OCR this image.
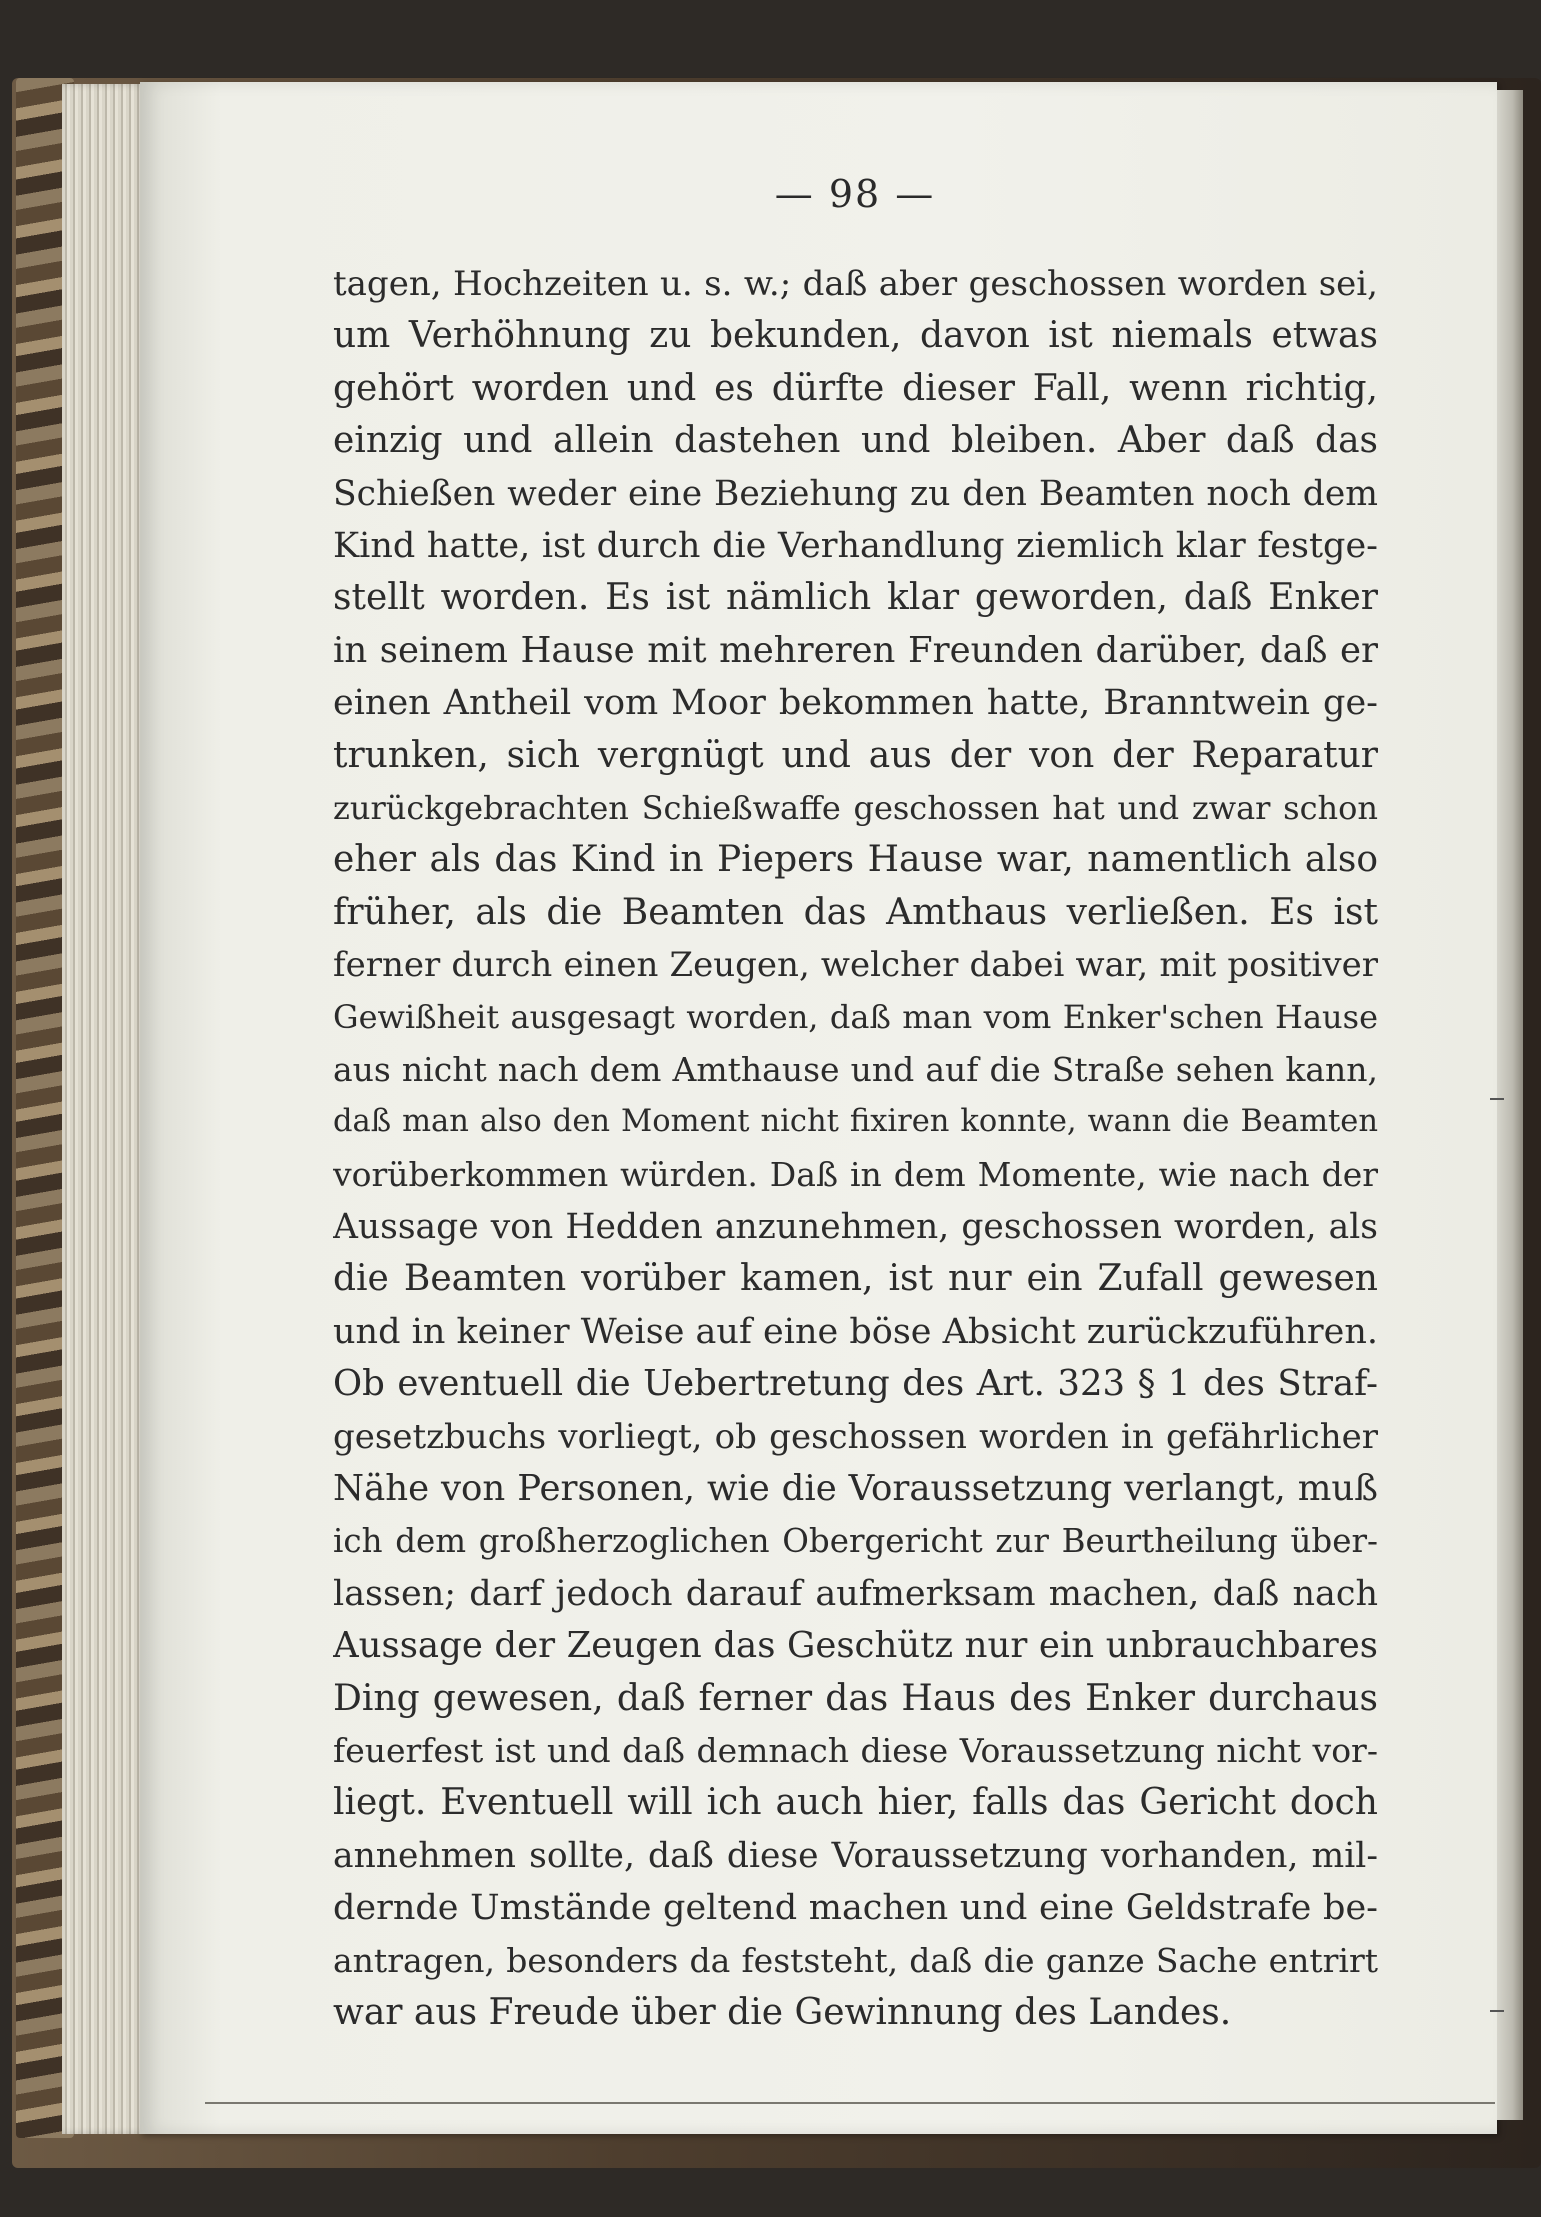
— 98 —
tagen, Hochzeiten u. s. w.; daß aber geschossen worden sei,
um Verhöhnung zu bekunden, davon ist niemals etwas
gehört worden und es dürfte dieser Fall, wenn richtig,
einzig und allein dastehen und bleiben. Aber daß das
Schießen weder eine Beziehung zu den Beamten noch dem
Kind hatte, ist durch die Verhandlung ziemlich klar festge-
stellt worden. Es ist nämlich klar geworden, daß Enker
in seinem Hause mit mehreren Freunden darüber, daß er
einen Antheil vom Moor bekommen hatte, Branntwein ge-
trunken, sich vergnügt und aus der von der Reparatur
zurückgebrachten Schießwaffe geschossen hat und zwar schon
eher als das Kind in Piepers Hause war, namentlich also
früher, als die Beamten das Amthaus verließen. Es ist
ferner durch einen Zeugen, welcher dabei war, mit positiver
Gewißheit ausgesagt worden, daß man vom Enker'schen Hause
aus nicht nach dem Amthause und auf die Straße sehen kann,
daß man also den Moment nicht fixiren konnte, wann die Beamten
vorüberkommen würden. Daß in dem Momente, wie nach der
Aussage von Hedden anzunehmen, geschossen worden, als
die Beamten vorüber kamen, ist nur ein Zufall gewesen
und in keiner Weise auf eine böse Absicht zurückzuführen.
Ob eventuell die Uebertretung des Art. 323 § 1 des Straf-
gesetzbuchs vorliegt, ob geschossen worden in gefährlicher
Nähe von Personen, wie die Voraussetzung verlangt, muß
ich dem großherzoglichen Obergericht zur Beurtheilung über-
lassen; darf jedoch darauf aufmerksam machen, daß nach
Aussage der Zeugen das Geschütz nur ein unbrauchbares
Ding gewesen, daß ferner das Haus des Enker durchaus
feuerfest ist und daß demnach diese Voraussetzung nicht vor-
liegt. Eventuell will ich auch hier, falls das Gericht doch
annehmen sollte, daß diese Voraussetzung vorhanden, mil-
dernde Umstände geltend machen und eine Geldstrafe be-
antragen, besonders da feststeht, daß die ganze Sache entrirt
war aus Freude über die Gewinnung des Landes.
